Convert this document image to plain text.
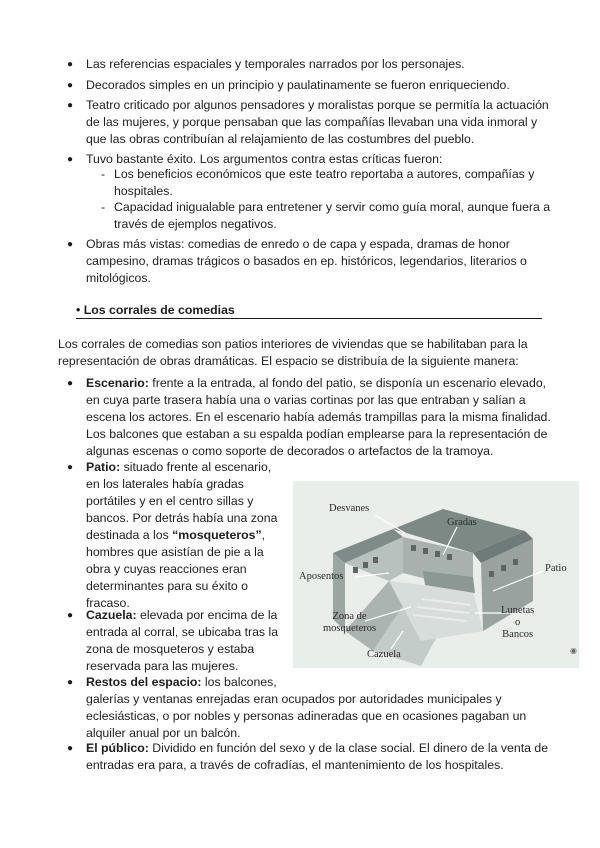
● Las referencias espaciales y temporales narrados por los personajes.
● Decorados simples en un principio y paulatinamente se fueron enriqueciendo.
● Teatro criticado por algunos pensadores y moralistas porque se permitía la actuación
de las mujeres, y porque pensaban que las compañías llevaban una vida inmoral y
que las obras contribuían al relajamiento de las costumbres del pueblo.
● Tuvo bastante éxito. Los argumentos contra estas críticas fueron:
- Los beneficios económicos que este teatro reportaba a autores, compañías y
hospitales.
- Capacidad inigualable para entretener y servir como guía moral, aunque fuera a
través de ejemplos negativos.
● Obras más vistas: comedias de enredo o de capa y espada, dramas de honor
campesino, dramas trágicos o basados en ep. históricos, legendarios, literarios o
mitológicos.
• Los corrales de comedias
Los corrales de comedias son patios interiores de viviendas que se habilitaban para la
representación de obras dramáticas. El espacio se distribuía de la siguiente manera:
● Escenario: frente a la entrada, al fondo del patio, se disponía un escenario elevado,
en cuya parte trasera había una o varias cortinas por las que entraban y salían a
escena los actores. En el escenario había además trampillas para la misma finalidad.
Los balcones que estaban a su espalda podían emplearse para la representación de
algunas escenas o como soporte de decorados o artefactos de la tramoya.
● Patio: situado frente al escenario,
en los laterales había gradas
portátiles y en el centro sillas y
bancos. Por detrás había una zona
destinada a los “mosqueteros”,
hombres que asistían de pie a la
obra y cuyas reacciones eran
determinantes para su éxito o
fracaso.
● Cazuela: elevada por encima de la
entrada al corral, se ubicaba tras la
zona de mosqueteros y estaba
reservada para las mujeres.
● Restos del espacio: los balcones,
galerías y ventanas enrejadas eran ocupados por autoridades municipales y
eclesiásticas, o por nobles y personas adineradas que en ocasiones pagaban un
alquiler anual por un balcón.
● El público: Dividido en función del sexo y de la clase social. El dinero de la venta de
entradas era para, a través de cofradías, el mantenimiento de los hospitales.
Desvanes
Gradas
Aposentos
Patio
Zona de
mosqueteros
Lunetas
o
Bancos
Cazuela	◉
